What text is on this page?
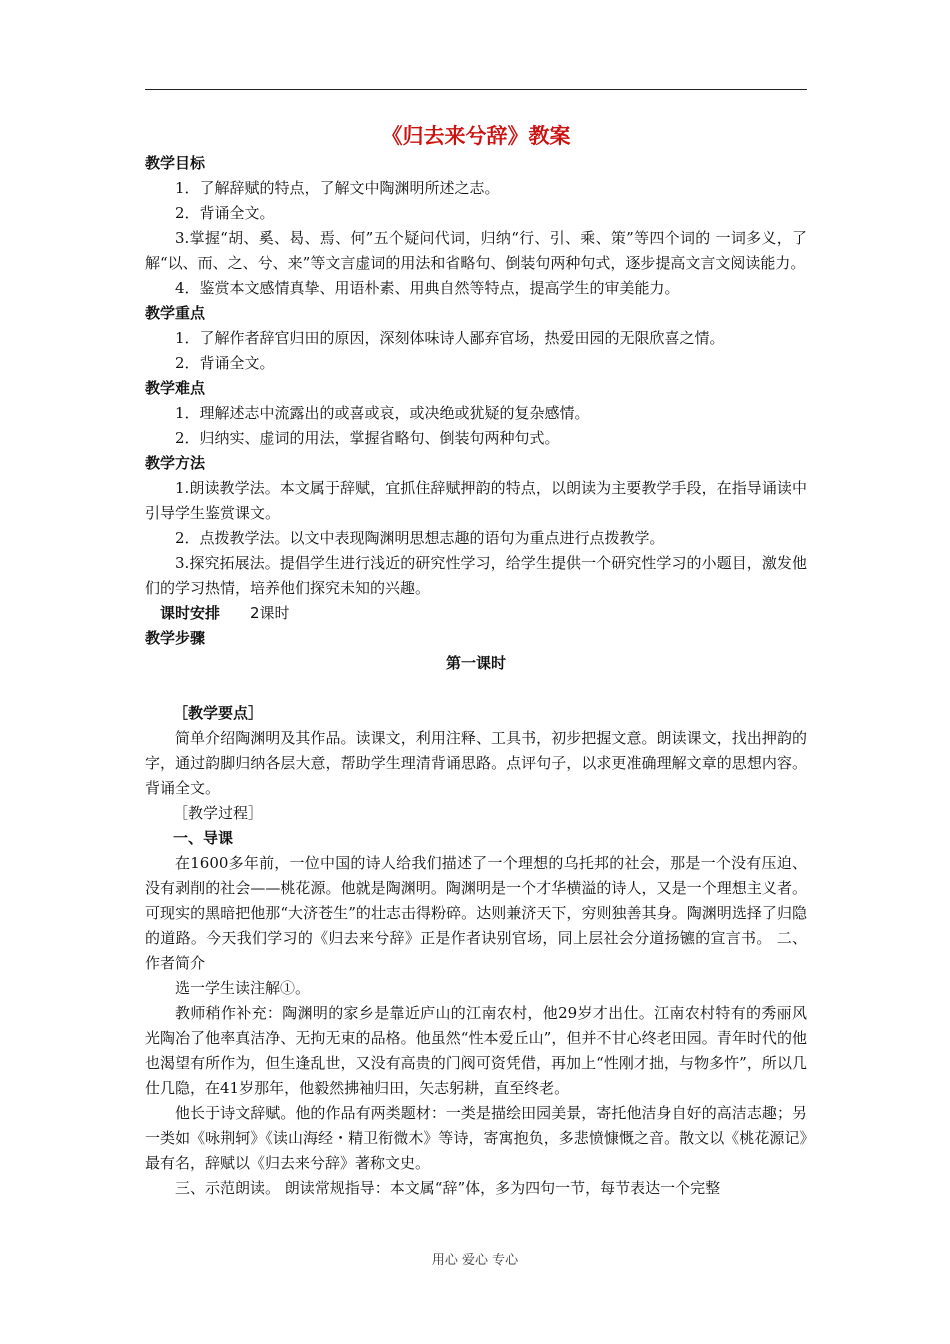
《归去来兮辞》教案

教学目标

1．了解辞赋的特点，了解文中陶渊明所述之志。

2．背诵全文。

3.掌握“胡、奚、曷、焉、何”五个疑问代词，归纳“行、引、乘、策”等四个词的 一词多义，了解“以、而、之、兮、来”等文言虚词的用法和省略句、倒装句两种句式，逐步提高文言文阅读能力。

4．鉴赏本文感情真挚、用语朴素、用典自然等特点，提高学生的审美能力。

教学重点

1．了解作者辞官归田的原因，深刻体味诗人鄙弃官场，热爱田园的无限欣喜之情。

2．背诵全文。

教学难点

1．理解述志中流露出的或喜或哀，或决绝或犹疑的复杂感情。

2．归纳实、虚词的用法，掌握省略句、倒装句两种句式。

教学方法

1.朗读教学法。本文属于辞赋，宜抓住辞赋押韵的特点，以朗读为主要教学手段，在指导诵读中引导学生鉴赏课文。

2．点拨教学法。以文中表现陶渊明思想志趣的语句为重点进行点拨教学。

3.探究拓展法。提倡学生进行浅近的研究性学习，给学生提供一个研究性学习的小题目，激发他们的学习热情，培养他们探究未知的兴趣。

课时安排 2课时

教学步骤

第一课时

［教学要点］

简单介绍陶渊明及其作品。读课文，利用注释、工具书，初步把握文意。朗读课文，找出押韵的字，通过韵脚归纳各层大意，帮助学生理清背诵思路。点评句子，以求更准确理解文章的思想内容。背诵全文。

［教学过程］

一、导课

在1600多年前，一位中国的诗人给我们描述了一个理想的乌托邦的社会，那是一个没有压迫、没有剥削的社会——桃花源。他就是陶渊明。陶渊明是一个才华横溢的诗人，又是一个理想主义者。可现实的黑暗把他那“大济苍生”的壮志击得粉碎。达则兼济天下，穷则独善其身。陶渊明选择了归隐的道路。今天我们学习的《归去来兮辞》正是作者诀别官场，同上层社会分道扬镳的宣言书。 二、作者简介

选一学生读注解①。

教师稍作补充：陶渊明的家乡是靠近庐山的江南农村，他29岁才出仕。江南农村特有的秀丽风光陶冶了他率真洁净、无拘无束的品格。他虽然“性本爱丘山”，但并不甘心终老田园。青年时代的他也渴望有所作为，但生逢乱世，又没有高贵的门阀可资凭借，再加上“性刚才拙，与物多忤”，所以几仕几隐，在41岁那年，他毅然拂袖归田，矢志躬耕，直至终老。

他长于诗文辞赋。他的作品有两类题材：一类是描绘田园美景，寄托他洁身自好的高洁志趣；另一类如《咏荆轲》《读山海经・精卫衔微木》等诗，寄寓抱负，多悲愤慷慨之音。散文以《桃花源记》最有名，辞赋以《归去来兮辞》著称文史。

三、示范朗读。 朗读常规指导：本文属“辞”体，多为四句一节，每节表达一个完整

用心 爱心 专心
